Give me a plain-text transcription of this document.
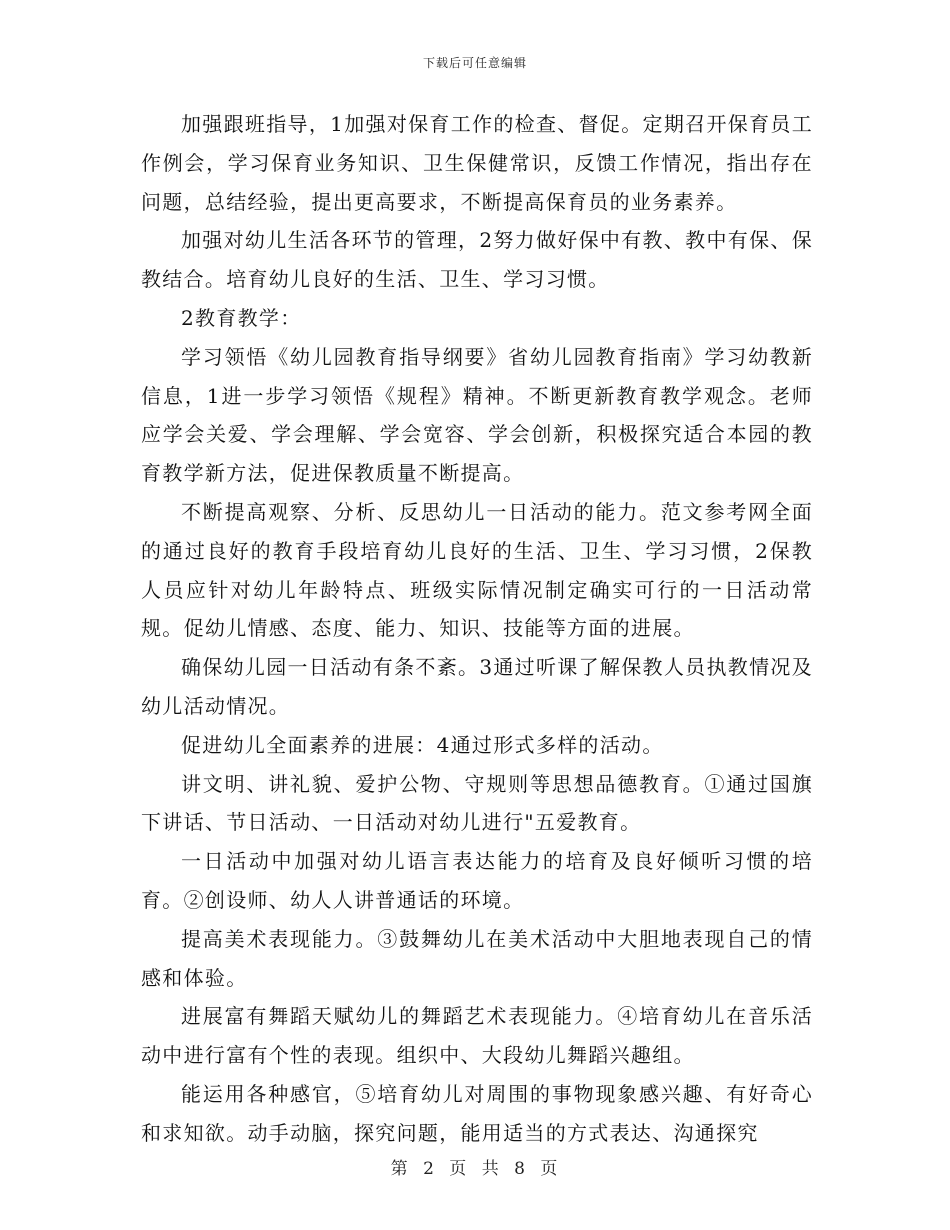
下载后可任意编辑

加强跟班指导，1加强对保育工作的检查、督促。定期召开保育员工作例会，学习保育业务知识、卫生保健常识，反馈工作情况，指出存在问题，总结经验，提出更高要求，不断提高保育员的业务素养。

加强对幼儿生活各环节的管理，2努力做好保中有教、教中有保、保教结合。培育幼儿良好的生活、卫生、学习习惯。

2教育教学：

学习领悟《幼儿园教育指导纲要》省幼儿园教育指南》学习幼教新信息，1进一步学习领悟《规程》精神。不断更新教育教学观念。老师应学会关爱、学会理解、学会宽容、学会创新，积极探究适合本园的教育教学新方法，促进保教质量不断提高。

不断提高观察、分析、反思幼儿一日活动的能力。范文参考网全面的通过良好的教育手段培育幼儿良好的生活、卫生、学习习惯，2保教人员应针对幼儿年龄特点、班级实际情况制定确实可行的一日活动常规。促幼儿情感、态度、能力、知识、技能等方面的进展。

确保幼儿园一日活动有条不紊。3通过听课了解保教人员执教情况及幼儿活动情况。

促进幼儿全面素养的进展：4通过形式多样的活动。

讲文明、讲礼貌、爱护公物、守规则等思想品德教育。①通过国旗下讲话、节日活动、一日活动对幼儿进行"五爱教育。

一日活动中加强对幼儿语言表达能力的培育及良好倾听习惯的培育。②创设师、幼人人讲普通话的环境。

提高美术表现能力。③鼓舞幼儿在美术活动中大胆地表现自己的情感和体验。

进展富有舞蹈天赋幼儿的舞蹈艺术表现能力。④培育幼儿在音乐活动中进行富有个性的表现。组织中、大段幼儿舞蹈兴趣组。

能运用各种感官，⑤培育幼儿对周围的事物现象感兴趣、有好奇心和求知欲。动手动脑，探究问题，能用适当的方式表达、沟通探究

第 2 页 共 8 页
